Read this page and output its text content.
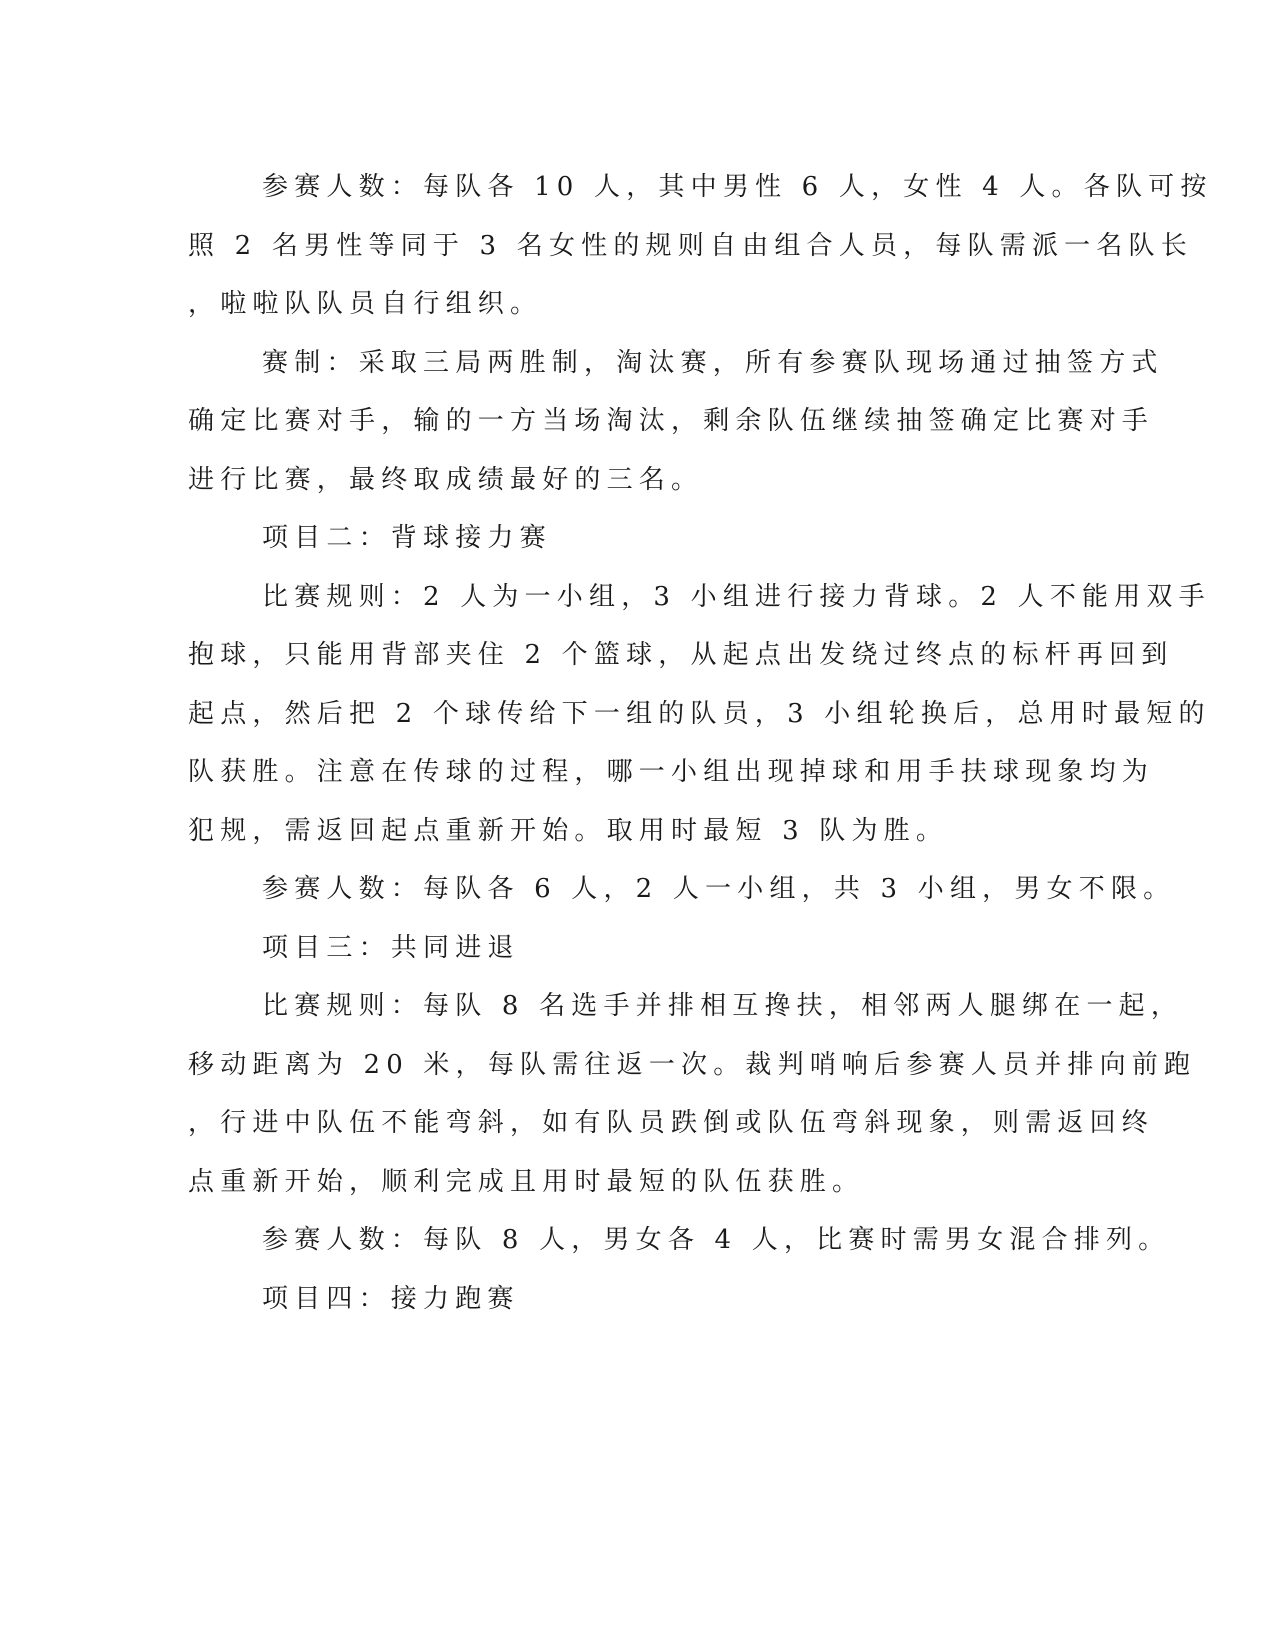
参赛人数：每队各 10 人，其中男性 6 人，女性 4 人。各队可按
照 2 名男性等同于 3 名女性的规则自由组合人员，每队需派一名队长
，啦啦队队员自行组织。
赛制：采取三局两胜制，淘汰赛，所有参赛队现场通过抽签方式
确定比赛对手，输的一方当场淘汰，剩余队伍继续抽签确定比赛对手
进行比赛，最终取成绩最好的三名。
项目二：背球接力赛
比赛规则：2 人为一小组，3 小组进行接力背球。2 人不能用双手
抱球，只能用背部夹住 2 个篮球，从起点出发绕过终点的标杆再回到
起点，然后把 2 个球传给下一组的队员，3 小组轮换后，总用时最短的
队获胜。注意在传球的过程，哪一小组出现掉球和用手扶球现象均为
犯规，需返回起点重新开始。取用时最短 3 队为胜。
参赛人数：每队各 6 人，2 人一小组，共 3 小组，男女不限。
项目三：共同进退
比赛规则：每队 8 名选手并排相互搀扶，相邻两人腿绑在一起，
移动距离为 20 米，每队需往返一次。裁判哨响后参赛人员并排向前跑
，行进中队伍不能弯斜，如有队员跌倒或队伍弯斜现象，则需返回终
点重新开始，顺利完成且用时最短的队伍获胜。
参赛人数：每队 8 人，男女各 4 人，比赛时需男女混合排列。
项目四：接力跑赛
